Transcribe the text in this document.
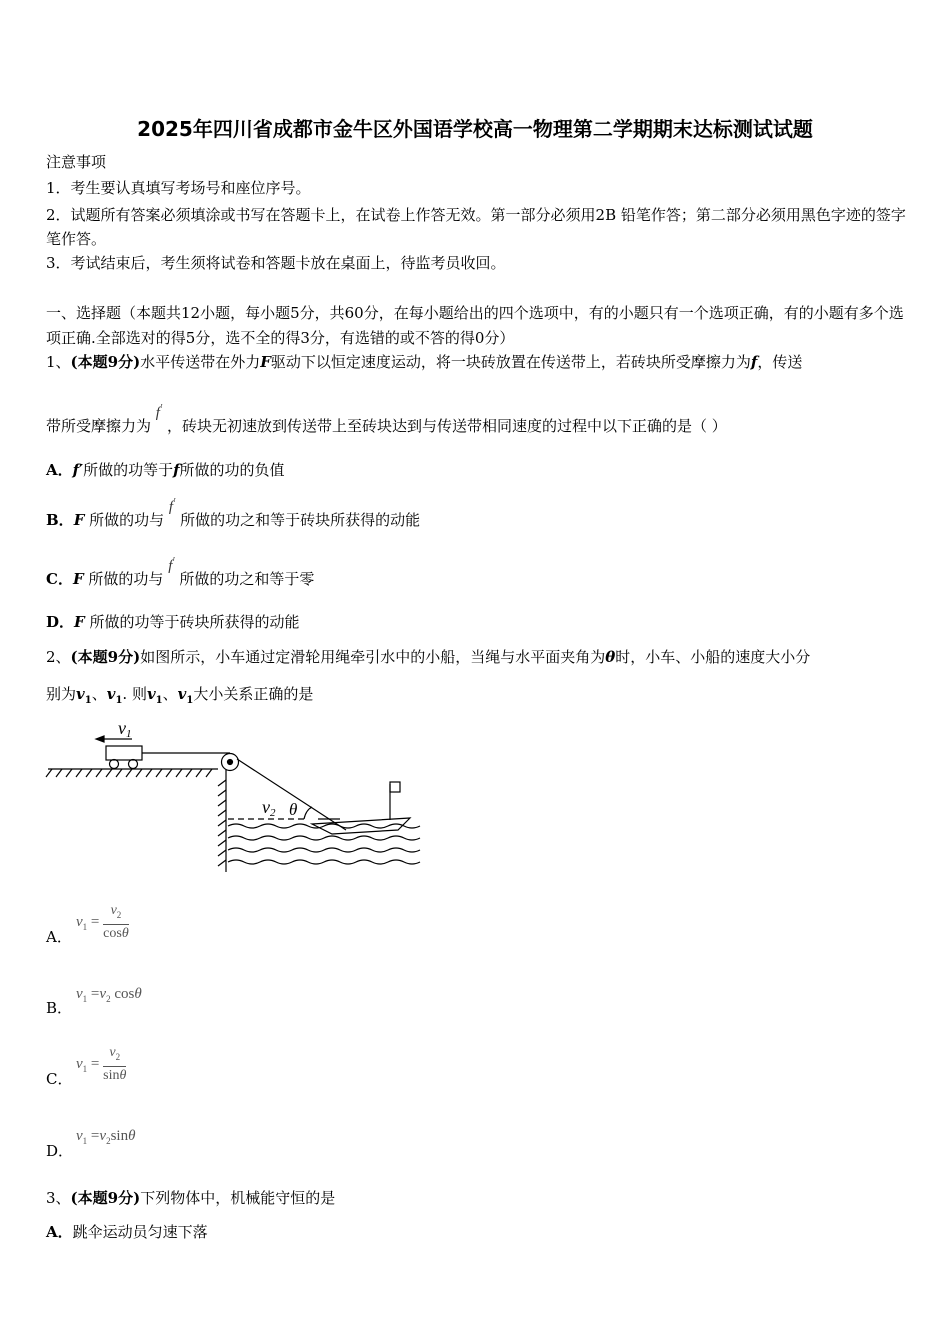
2025年四川省成都市金牛区外国语学校高一物理第二学期期末达标测试试题
注意事项
1．考生要认真填写考场号和座位序号。
2．试题所有答案必须填涂或书写在答题卡上，在试卷上作答无效。第一部分必须用2B 铅笔作答；第二部分必须用黑色字迹的签字笔作答。
3．考试结束后，考生须将试卷和答题卡放在桌面上，待监考员收回。
一、选择题（本题共12小题，每小题5分，共60分，在每小题给出的四个选项中，有的小题只有一个选项正确，有的小题有多个选项正确.全部选对的得5分，选不全的得3分，有选错的或不答的得0分）
1、(本题9分)水平传送带在外力F驱动下以恒定速度运动，将一块砖放置在传送带上，若砖块所受摩擦力为f，传送
带所受摩擦力为 f′ ，砖块无初速放到传送带上至砖块达到与传送带相同速度的过程中以下正确的是（ ）
A．f′所做的功等于f所做的功的负值
B．F 所做的功与 f′ 所做的功之和等于砖块所获得的动能
C．F 所做的功与 f′ 所做的功之和等于零
D．F 所做的功等于砖块所获得的动能
2、(本题9分)如图所示，小车通过定滑轮用绳牵引水中的小船，当绳与水平面夹角为θ时，小车、小船的速度大小分
别为$v_1$、$v_1$. 则$v_1$、$v_1$大小关系正确的是
v1
v2 θ
A．
$v_1 = \frac{v_2}{\cos\theta}$
B．
$v_1 =v_2$ cosθ
C．
$v_1 = \frac{v_2}{\sin\theta}$
D．
$v_1 =v_2\sin\theta$
3、(本题9分)下列物体中，机械能守恒的是
A．跳伞运动员匀速下落
